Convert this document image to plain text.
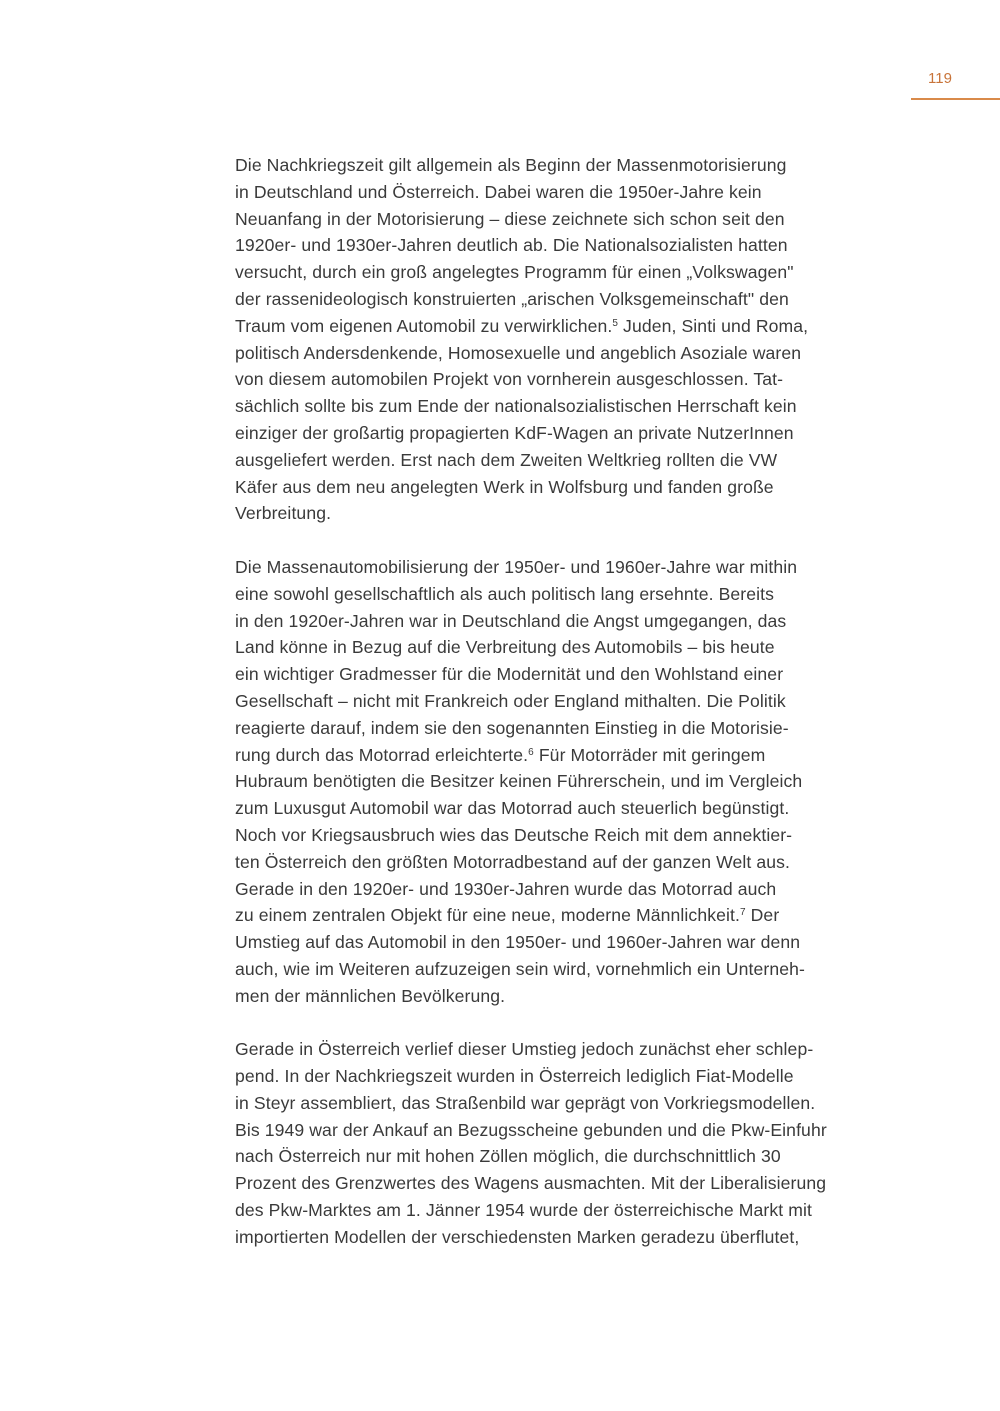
119

Die Nachkriegszeit gilt allgemein als Beginn der Massenmotorisierung
in Deutschland und Österreich. Dabei waren die 1950er-Jahre kein
Neuanfang in der Motorisierung – diese zeichnete sich schon seit den
1920er- und 1930er-Jahren deutlich ab. Die Nationalsozialisten hatten
versucht, durch ein groß angelegtes Programm für einen „Volkswagen"
der rassenideologisch konstruierten „arischen Volksgemeinschaft" den
Traum vom eigenen Automobil zu verwirklichen.$^5$ Juden, Sinti und Roma,
politisch Andersdenkende, Homosexuelle und angeblich Asoziale waren
von diesem automobilen Projekt von vornherein ausgeschlossen. Tat-
sächlich sollte bis zum Ende der nationalsozialistischen Herrschaft kein
einziger der großartig propagierten KdF-Wagen an private NutzerInnen
ausgeliefert werden. Erst nach dem Zweiten Weltkrieg rollten die VW
Käfer aus dem neu angelegten Werk in Wolfsburg und fanden große
Verbreitung.

Die Massenautomobilisierung der 1950er- und 1960er-Jahre war mithin
eine sowohl gesellschaftlich als auch politisch lang ersehnte. Bereits
in den 1920er-Jahren war in Deutschland die Angst umgegangen, das
Land könne in Bezug auf die Verbreitung des Automobils – bis heute
ein wichtiger Gradmesser für die Modernität und den Wohlstand einer
Gesellschaft – nicht mit Frankreich oder England mithalten. Die Politik
reagierte darauf, indem sie den sogenannten Einstieg in die Motorisie-
rung durch das Motorrad erleichterte.$^6$ Für Motorräder mit geringem
Hubraum benötigten die Besitzer keinen Führerschein, und im Vergleich
zum Luxusgut Automobil war das Motorrad auch steuerlich begünstigt.
Noch vor Kriegsausbruch wies das Deutsche Reich mit dem annektier-
ten Österreich den größten Motorradbestand auf der ganzen Welt aus.
Gerade in den 1920er- und 1930er-Jahren wurde das Motorrad auch
zu einem zentralen Objekt für eine neue, moderne Männlichkeit.$^7$ Der
Umstieg auf das Automobil in den 1950er- und 1960er-Jahren war denn
auch, wie im Weiteren aufzuzeigen sein wird, vornehmlich ein Unterneh-
men der männlichen Bevölkerung.

Gerade in Österreich verlief dieser Umstieg jedoch zunächst eher schlep-
pend. In der Nachkriegszeit wurden in Österreich lediglich Fiat-Modelle
in Steyr assembliert, das Straßenbild war geprägt von Vorkriegsmodellen.
Bis 1949 war der Ankauf an Bezugsscheine gebunden und die Pkw-Einfuhr
nach Österreich nur mit hohen Zöllen möglich, die durchschnittlich 30
Prozent des Grenzwertes des Wagens ausmachten. Mit der Liberalisierung
des Pkw-Marktes am 1. Jänner 1954 wurde der österreichische Markt mit
importierten Modellen der verschiedensten Marken geradezu überflutet,
